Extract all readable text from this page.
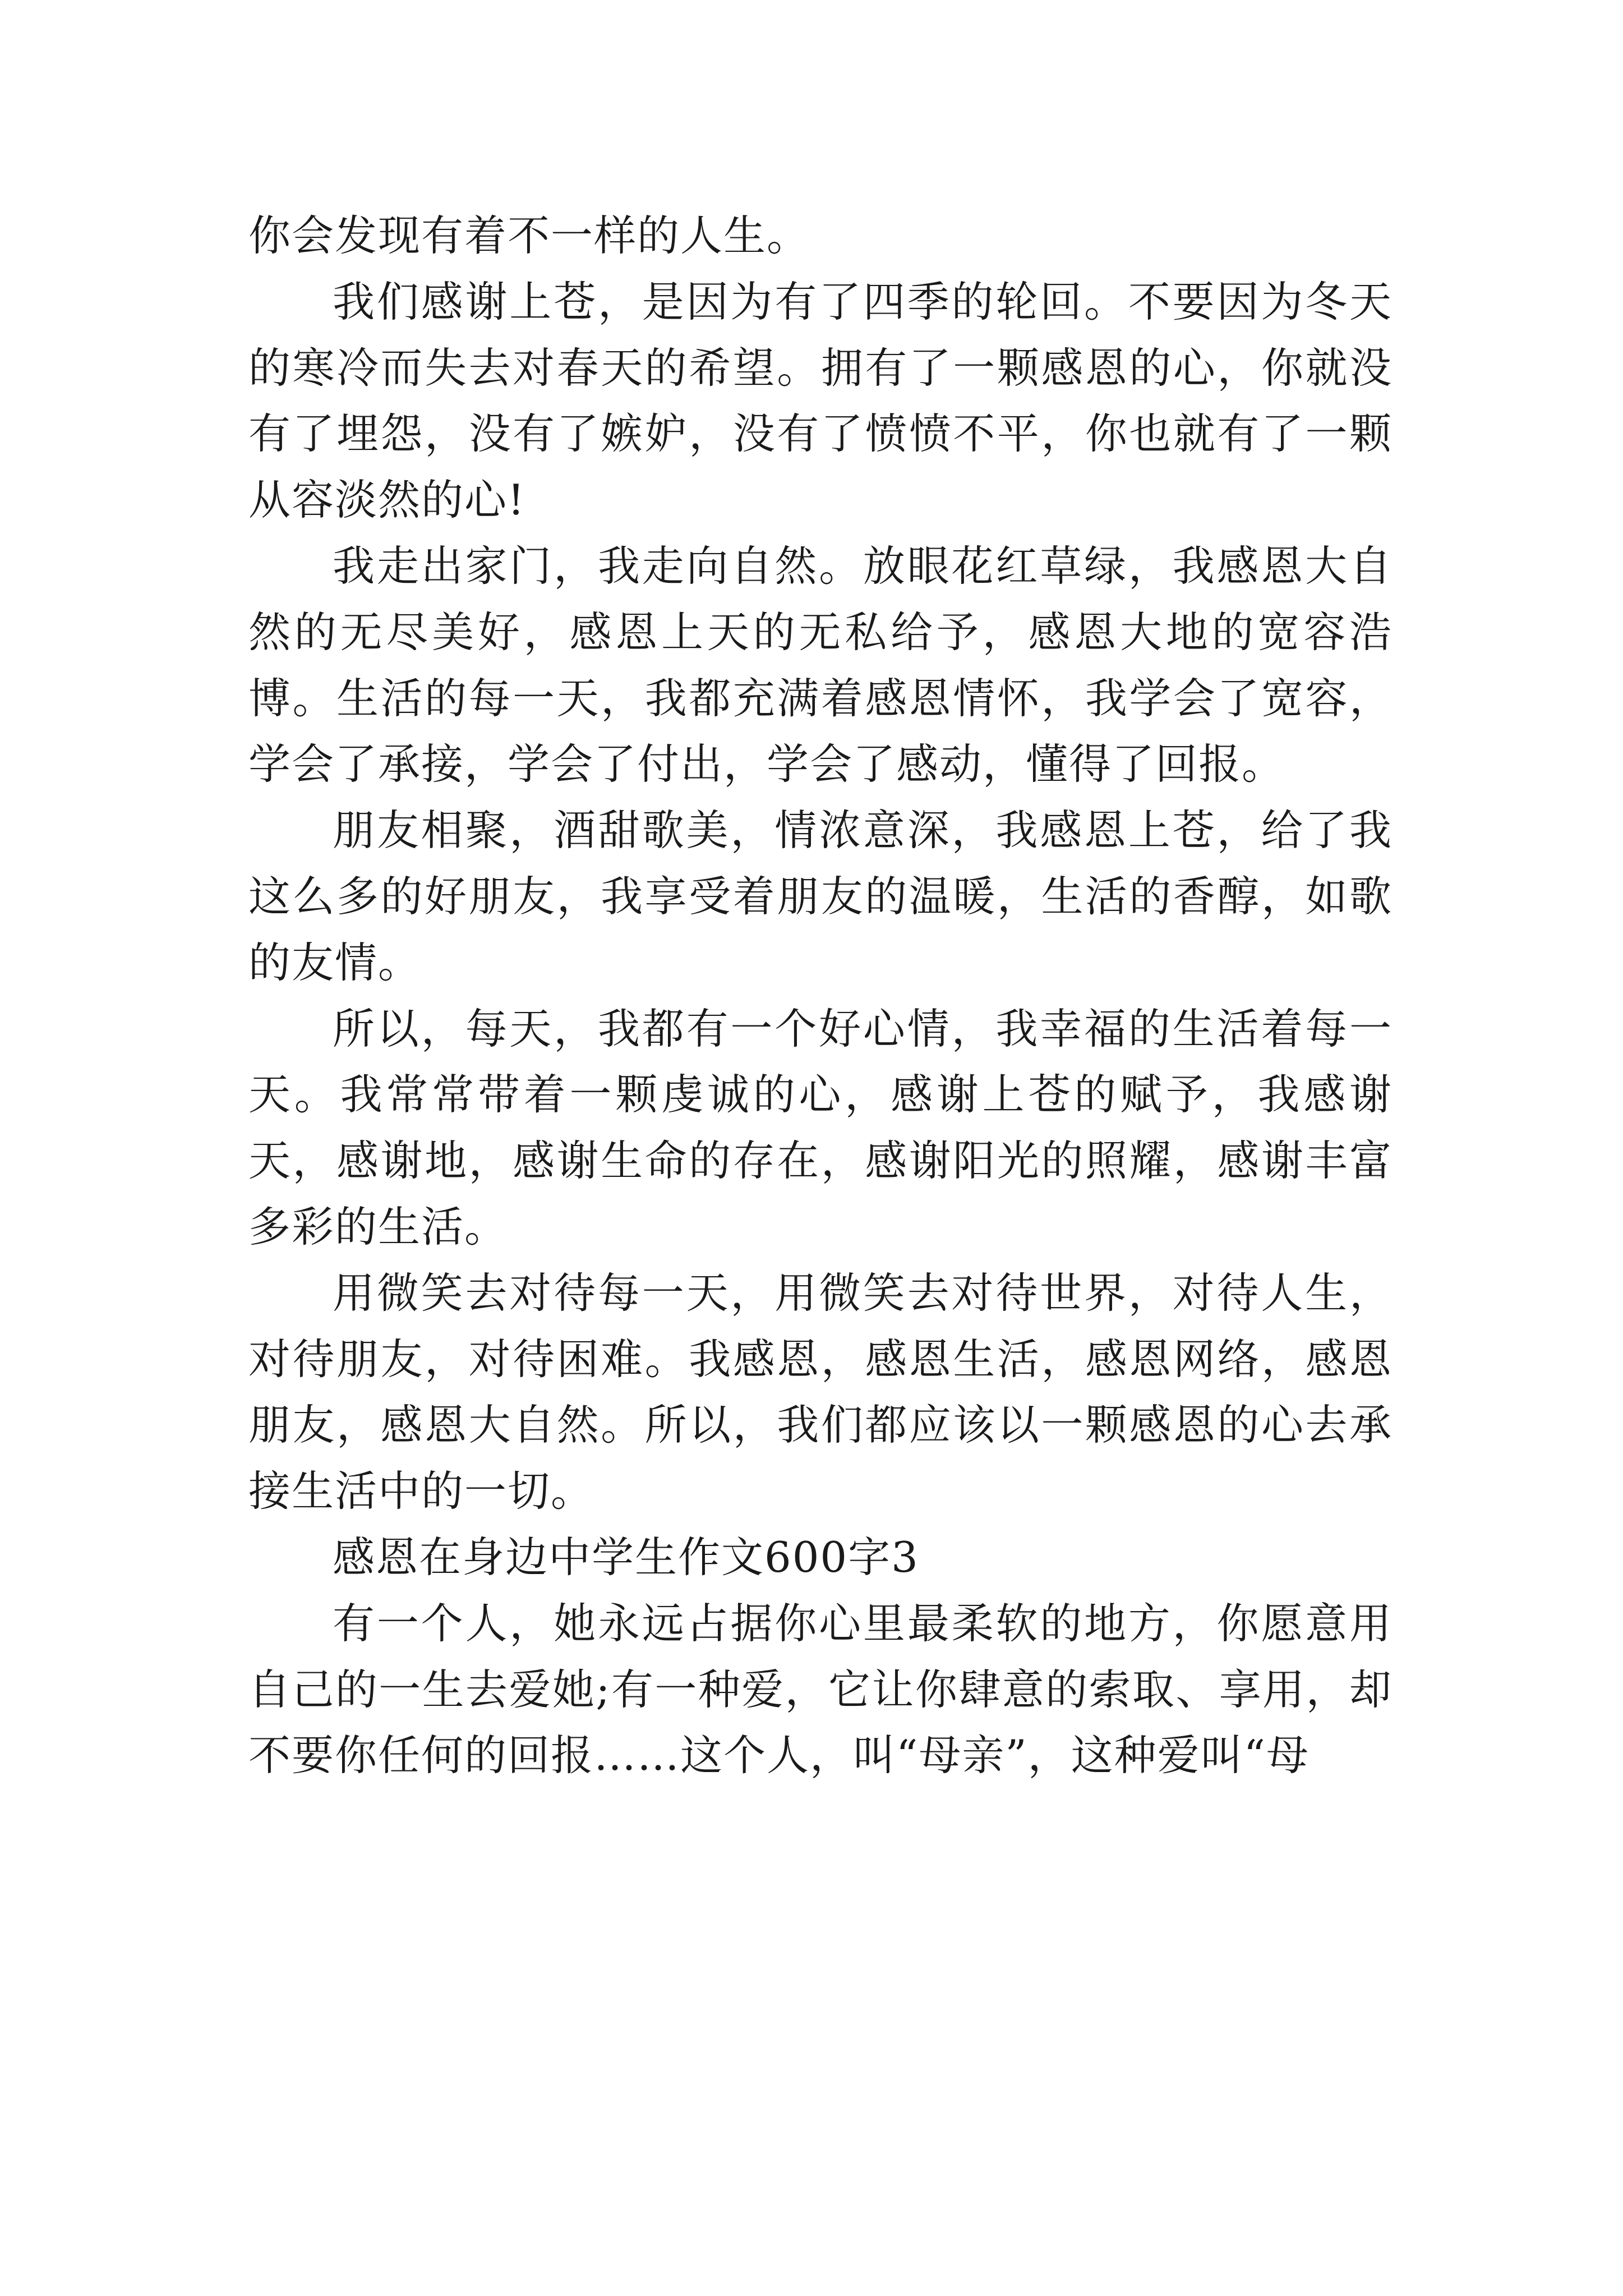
你会发现有着不一样的人生。

我们感谢上苍，是因为有了四季的轮回。不要因为冬天的寒冷而失去对春天的希望。拥有了一颗感恩的心，你就没有了埋怨，没有了嫉妒，没有了愤愤不平，你也就有了一颗从容淡然的心!

我走出家门，我走向自然。放眼花红草绿，我感恩大自然的无尽美好，感恩上天的无私给予，感恩大地的宽容浩博。生活的每一天，我都充满着感恩情怀，我学会了宽容，学会了承接，学会了付出，学会了感动，懂得了回报。

朋友相聚，酒甜歌美，情浓意深，我感恩上苍，给了我这么多的好朋友，我享受着朋友的温暖，生活的香醇，如歌的友情。

所以，每天，我都有一个好心情，我幸福的生活着每一天。我常常带着一颗虔诚的心，感谢上苍的赋予，我感谢天，感谢地，感谢生命的存在，感谢阳光的照耀，感谢丰富多彩的生活。

用微笑去对待每一天，用微笑去对待世界，对待人生，对待朋友，对待困难。我感恩，感恩生活，感恩网络，感恩朋友，感恩大自然。所以，我们都应该以一颗感恩的心去承接生活中的一切。

感恩在身边中学生作文600字3

有一个人，她永远占据你心里最柔软的地方，你愿意用自己的一生去爱她;有一种爱，它让你肆意的索取、享用，却不要你任何的回报……这个人，叫“母亲”，这种爱叫“母
